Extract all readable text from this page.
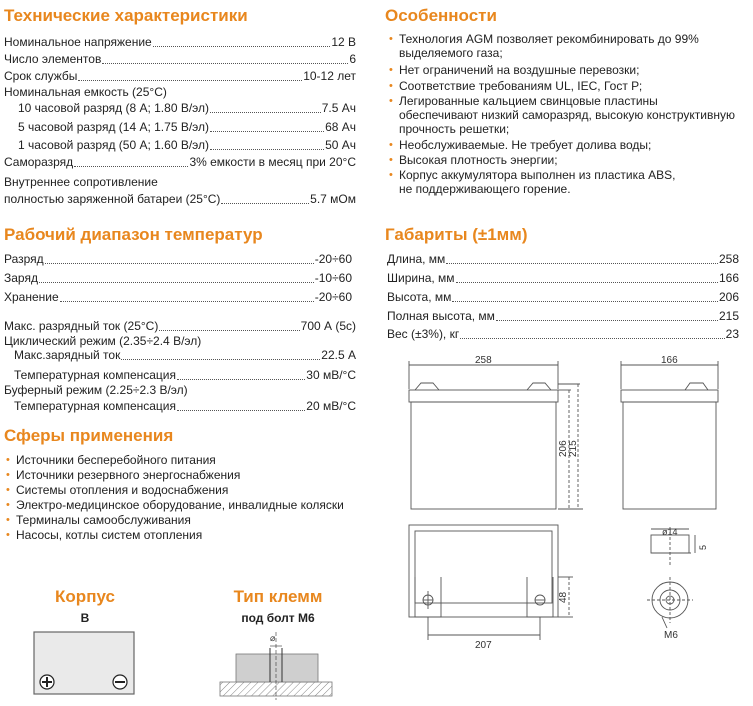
Технические характеристики
Номинальное напряжение	12 В
Число элементов	6
Срок службы	10-12 лет
Номинальная емкость (25°C)
10 часовой разряд (8 А; 1.80 В/эл)	7.5 Ач
5 часовой разряд (14 А; 1.75 В/эл)	68 Ач
1 часовой разряд (50 А; 1.60 В/эл)	50 Ач
Саморазряд	3% емкости в месяц при 20°C
Внутреннее сопротивление
полностью заряженной батареи (25°C)	5.7 мОм
Рабочий диапазон температур
Разряд	-20÷60
Заряд	-10÷60
Хранение	-20÷60
Макс. разрядный ток (25°C)	700 А (5с)
Циклический режим (2.35÷2.4 В/эл)
Макс.зарядный ток	22.5 А
Температурная компенсация	30 мВ/°C
Буферный режим (2.25÷2.3 В/эл)
Температурная компенсация	20 мВ/°C
Сферы применения
• Источники бесперебойного питания
• Источники резервного энергоснабжения
• Системы отопления и водоснабжения
• Электро-медицинское оборудование, инвалидные коляски
• Терминалы самообслуживания
• Насосы, котлы систем отопления
Корпус
B
Тип клемм
под болт М6
⌀
Особенности
• Технология AGM позволяет рекомбинировать до 99%
выделяемого газа;
• Нет ограничений на воздушные перевозки;
• Соответствие требованиям UL, IEC, Гост Р;
• Легированные кальцием свинцовые пластины
обеспечивают низкий саморазряд, высокую конструктивную
прочность решетки;
• Необслуживаемые. Не требует долива воды;
• Высокая плотность энергии;
• Корпус аккумулятора выполнен из пластика ABS,
не поддерживающего горение.
Габариты (±1мм)
Длина, мм	258
Ширина, мм	166
Высота, мм	206
Полная высота, мм	215
Вес (±3%), кг	23
258	166
206 215
207
48
ø14
5
M6
